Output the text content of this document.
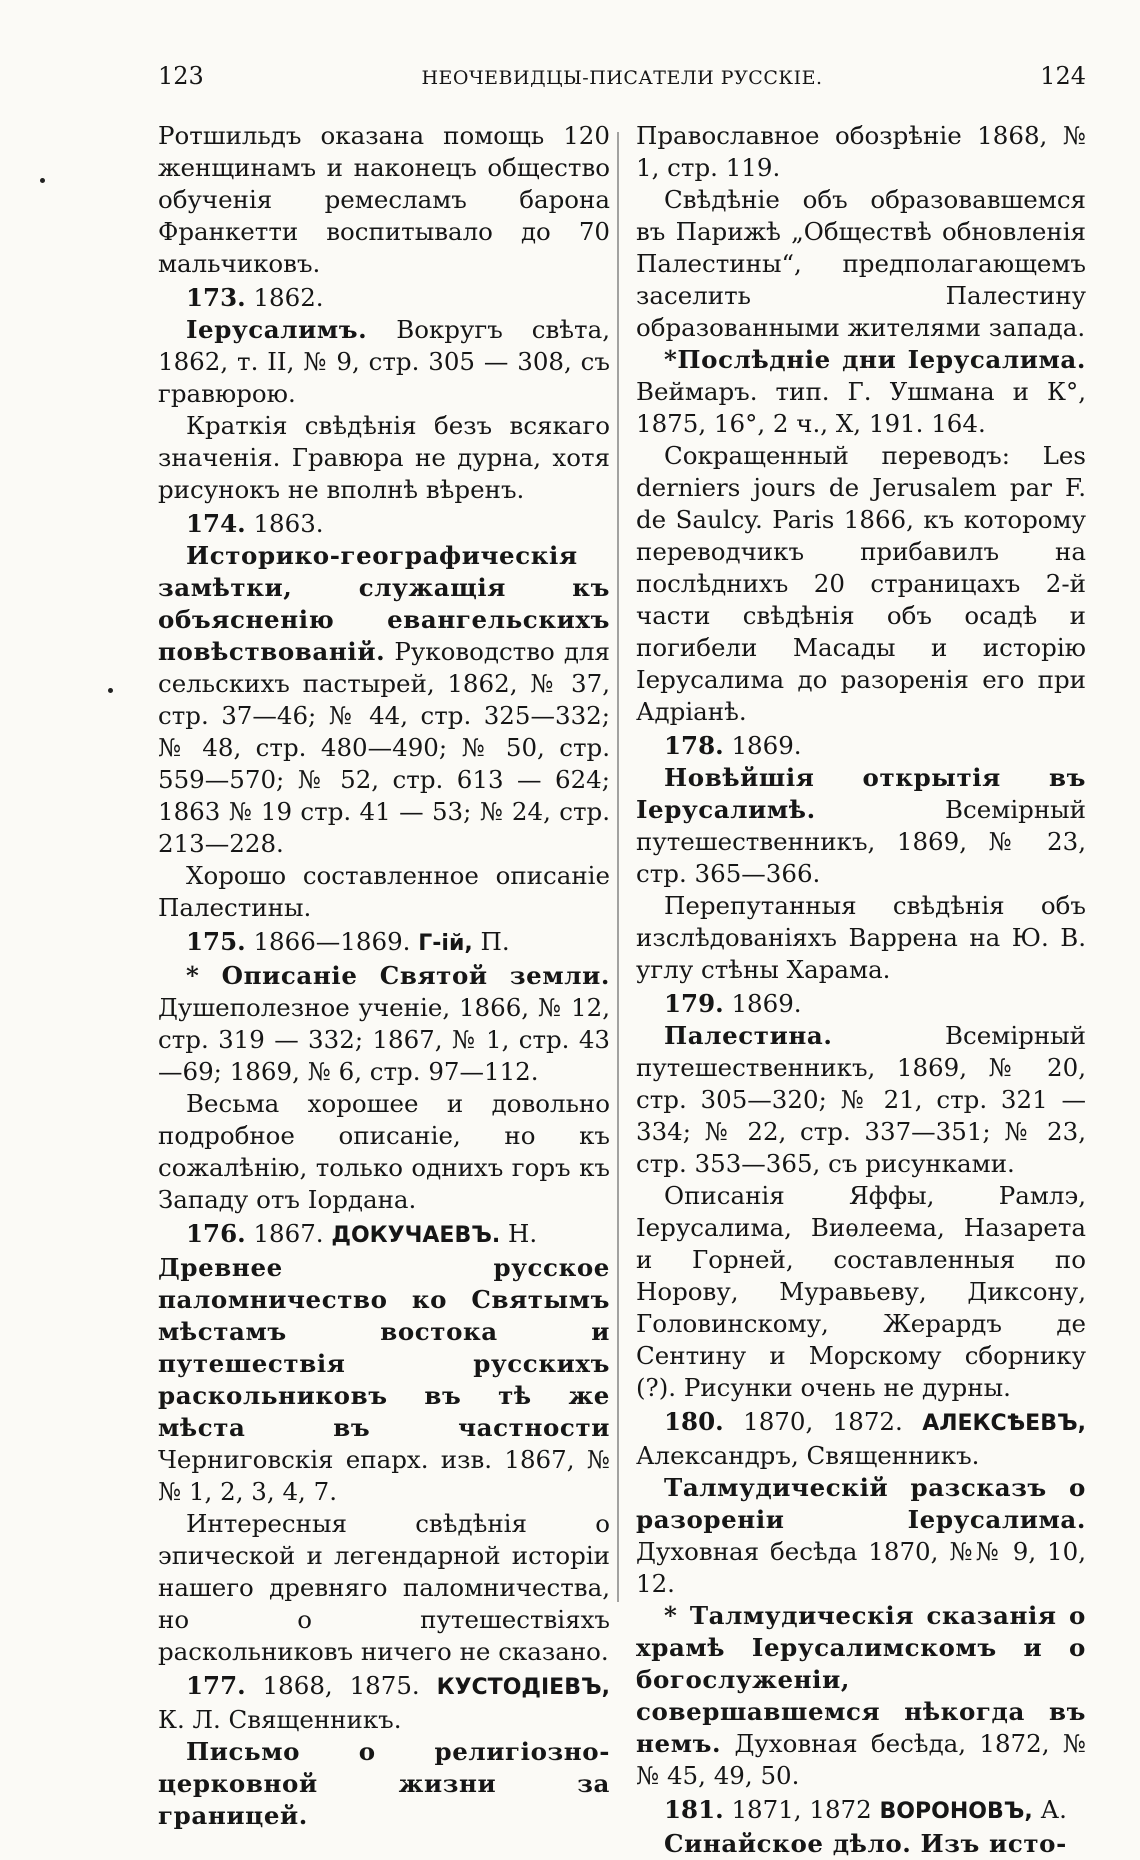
123	НЕОЧЕВИДЦЫ-ПИСАТЕЛИ РУССКІЕ.	124

Ротшильдъ оказана помощь 120 женщинамъ и наконецъ общество обученія ремесламъ барона Франкетти воспитывало до 70 мальчиковъ.

173. 1862.

Іерусалимъ. Вокругъ свѣта, 1862, т. II, № 9, стр. 305 — 308, съ гравюрою.

Краткія свѣдѣнія безъ всякаго значенія. Гравюра не дурна, хотя рисунокъ не вполнѣ вѣренъ.

174. 1863.

Историко-географическія замѣтки, служащія къ объясненію евангельскихъ повѣствованій. Руководство для сельскихъ пастырей, 1862, № 37, стр. 37—46; № 44, стр. 325—332; № 48, стр. 480—490; № 50, стр. 559—570; № 52, стр. 613 — 624; 1863 № 19 стр. 41 — 53; № 24, стр. 213—228.

Хорошо составленное описаніе Палестины.

175. 1866—1869. Г-ій, П.

* Описаніе Святой земли. Душеполезное ученіе, 1866, № 12, стр. 319 — 332; 1867, № 1, стр. 43—69; 1869, № 6, стр. 97—112.

Весьма хорошее и довольно подробное описаніе, но къ сожалѣнію, только однихъ горъ къ Западу отъ Іордана.

176. 1867. ДОКУЧАЕВЪ. Н.

Древнее русское паломничество ко Святымъ мѣстамъ востока и путешествія русскихъ раскольниковъ въ тѣ же мѣста въ частности Черниговскія епарх. изв. 1867, №№ 1, 2, 3, 4, 7.

Интересныя свѣдѣнія о эпической и легендарной исторіи нашего древняго паломничества, но о путешествіяхъ раскольниковъ ничего не сказано.

177. 1868, 1875. КУСТОДІЕВЪ, К. Л. Священникъ.

Письмо о религіозно-церковной жизни за границей.

Православное обозрѣніе 1868, № 1, стр. 119.

Свѣдѣніе объ образовавшемся въ Парижѣ „Обществѣ обновленія Палестины“, предполагающемъ заселить Палестину образованными жителями запада.

*Послѣдніе дни Іерусалима. Веймаръ. тип. Г. Ушмана и К°, 1875, 16°, 2 ч., X, 191. 164.

Сокращенный переводъ: Les derniers jours de Jerusalem par F. de Saulcy. Paris 1866, къ которому переводчикъ прибавилъ на послѣднихъ 20 страницахъ 2-й части свѣдѣнія объ осадѣ и погибели Масады и исторію Іерусалима до разоренія его при Адріанѣ.

178. 1869.

Новѣйшія открытія въ Іерусалимѣ. Всемірный путешественникъ, 1869, № 23, стр. 365—366.

Перепутанныя свѣдѣнія объ изслѣдованіяхъ Варрена на Ю. В. углу стѣны Харама.

179. 1869.

Палестина. Всемірный путешественникъ, 1869, № 20, стр. 305—320; № 21, стр. 321 — 334; № 22, стр. 337—351; № 23, стр. 353—365, съ рисунками.

Описанія Яффы, Рамлэ, Іерусалима, Виѳлеема, Назарета и Горней, составленныя по Норову, Муравьеву, Диксону, Головинскому, Жерардъ де Сентину и Морскому сборнику (?). Рисунки очень не дурны.

180. 1870, 1872. АЛЕКСѢЕВЪ, Александръ, Священникъ.

Талмудическій разсказъ о разореніи Іерусалима. Духовная бесѣда 1870, №№ 9, 10, 12.

* Талмудическія сказанія о храмѣ Іерусалимскомъ и о богослуженіи, совершавшемся нѣкогда въ немъ. Духовная бесѣда, 1872, № № 45, 49, 50.

181. 1871, 1872 ВОРОНОВЪ, А.

Синайское дѣло. Изъ исто-
